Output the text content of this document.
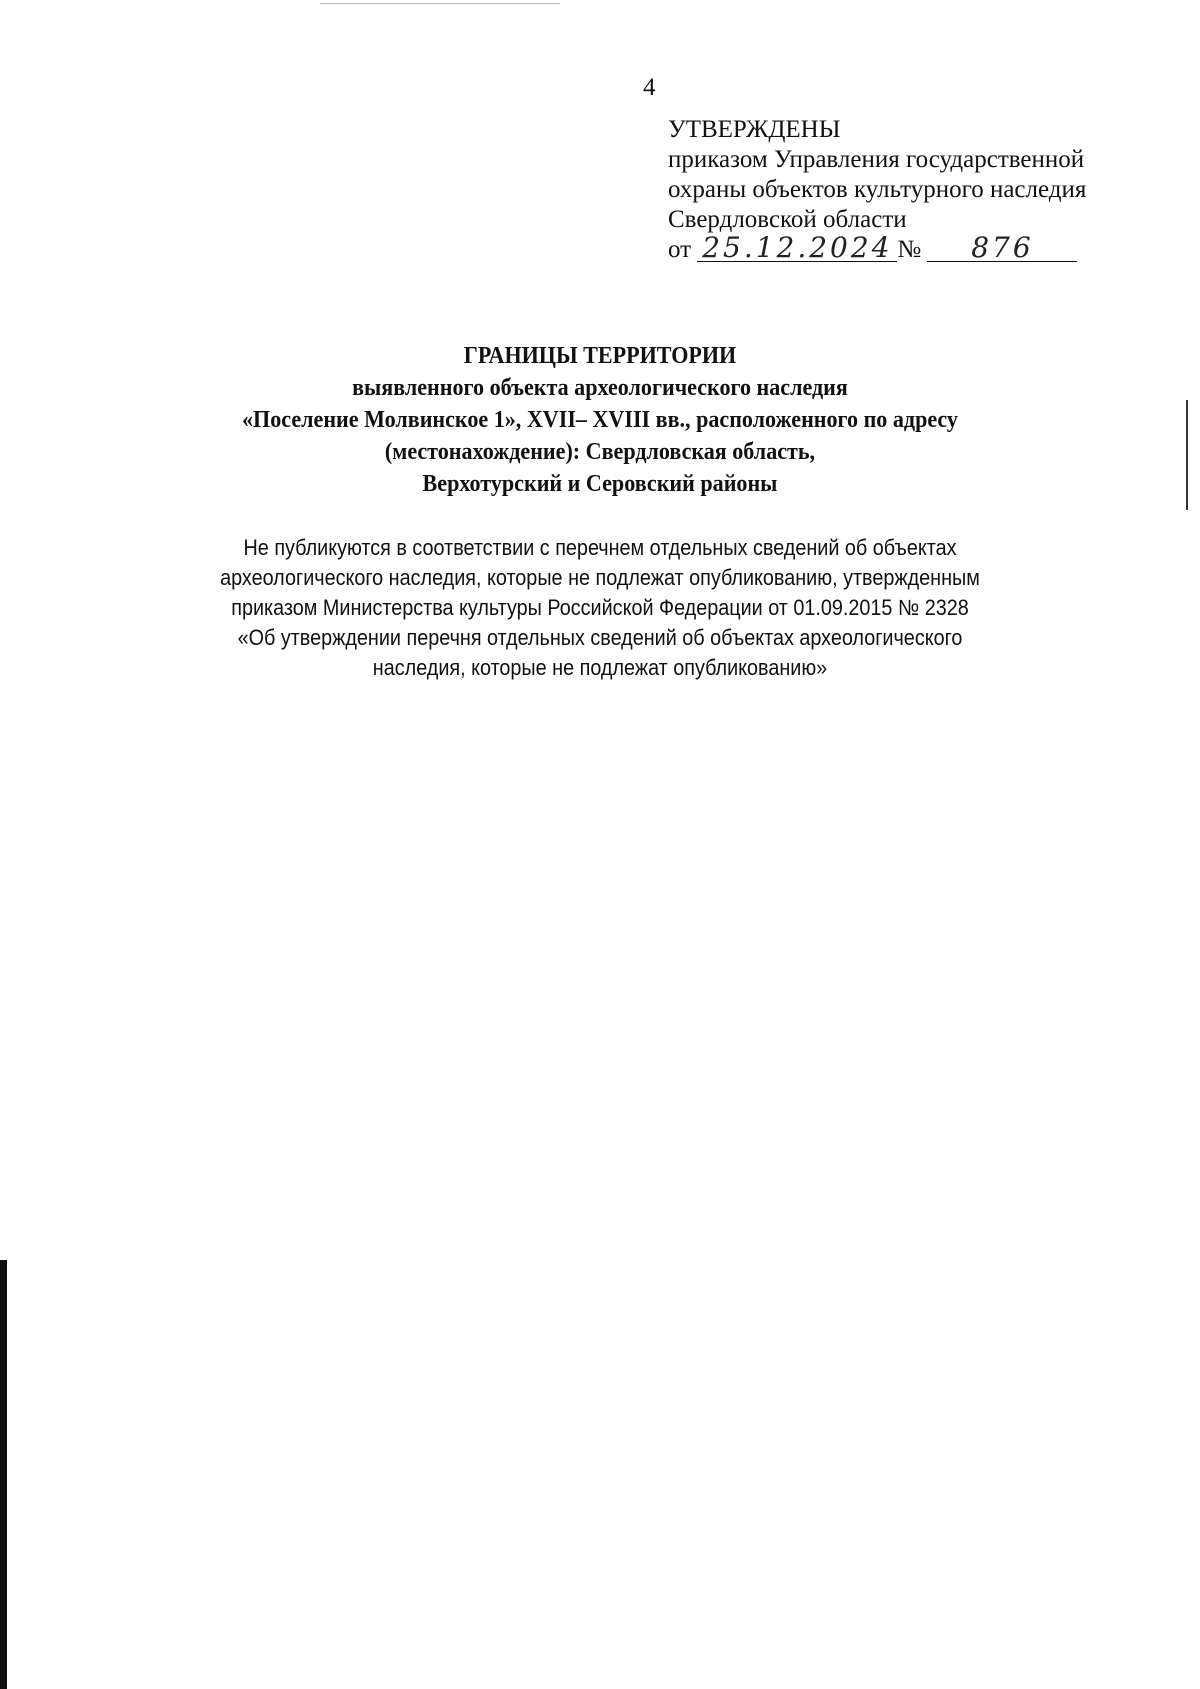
4
УТВЕРЖДЕНЫ
приказом Управления государственной
охраны объектов культурного наследия
Свердловской области
от 25.12.2024 № 876
ГРАНИЦЫ ТЕРРИТОРИИ
выявленного объекта археологического наследия
«Поселение Молвинское 1», XVII– XVIII вв., расположенного по адресу
(местонахождение): Свердловская область,
Верхотурский и Серовский районы
Не публикуются в соответствии с перечнем отдельных сведений об объектах
археологического наследия, которые не подлежат опубликованию, утвержденным
приказом Министерства культуры Российской Федерации от 01.09.2015 № 2328
«Об утверждении перечня отдельных сведений об объектах археологического
наследия, которые не подлежат опубликованию»
